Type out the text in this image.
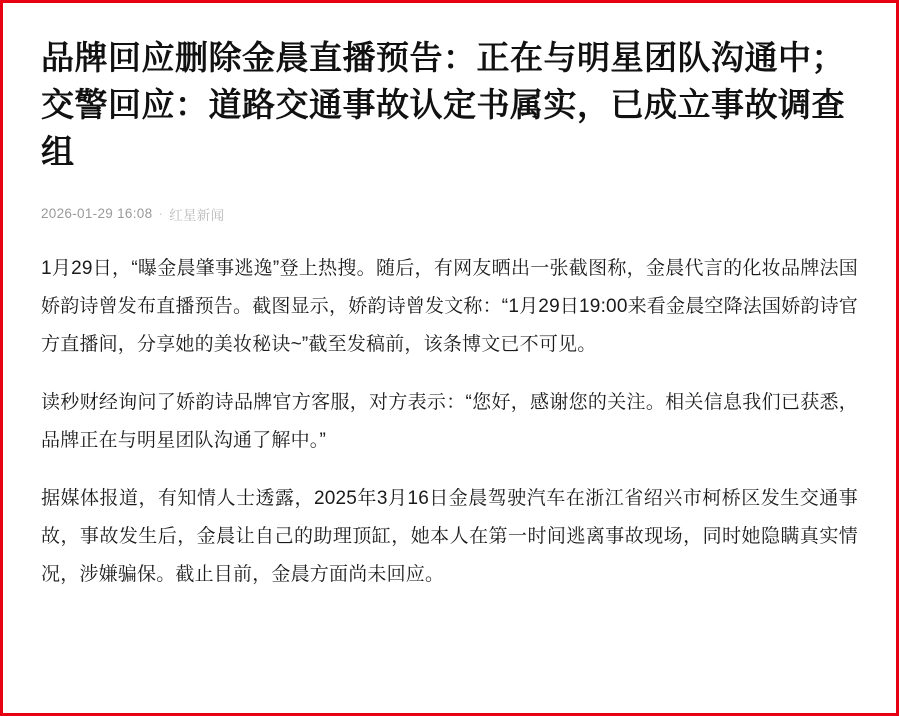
品牌回应删除金晨直播预告：正在与明星团队沟通中；交警回应：道路交通事故认定书属实，已成立事故调查组
2026-01-29 16:08 · 红星新闻

1月29日，“曝金晨肇事逃逸”登上热搜。随后，有网友晒出一张截图称，金晨代言的化妆品牌法国娇韵诗曾发布直播预告。截图显示，娇韵诗曾发文称：“1月29日19:00来看金晨空降法国娇韵诗官方直播间，分享她的美妆秘诀~”截至发稿前，该条博文已不可见。

读秒财经询问了娇韵诗品牌官方客服，对方表示：“您好，感谢您的关注。相关信息我们已获悉，品牌正在与明星团队沟通了解中。”

据媒体报道，有知情人士透露，2025年3月16日金晨驾驶汽车在浙江省绍兴市柯桥区发生交通事故，事故发生后，金晨让自己的助理顶缸，她本人在第一时间逃离事故现场，同时她隐瞒真实情况，涉嫌骗保。截止目前，金晨方面尚未回应。
